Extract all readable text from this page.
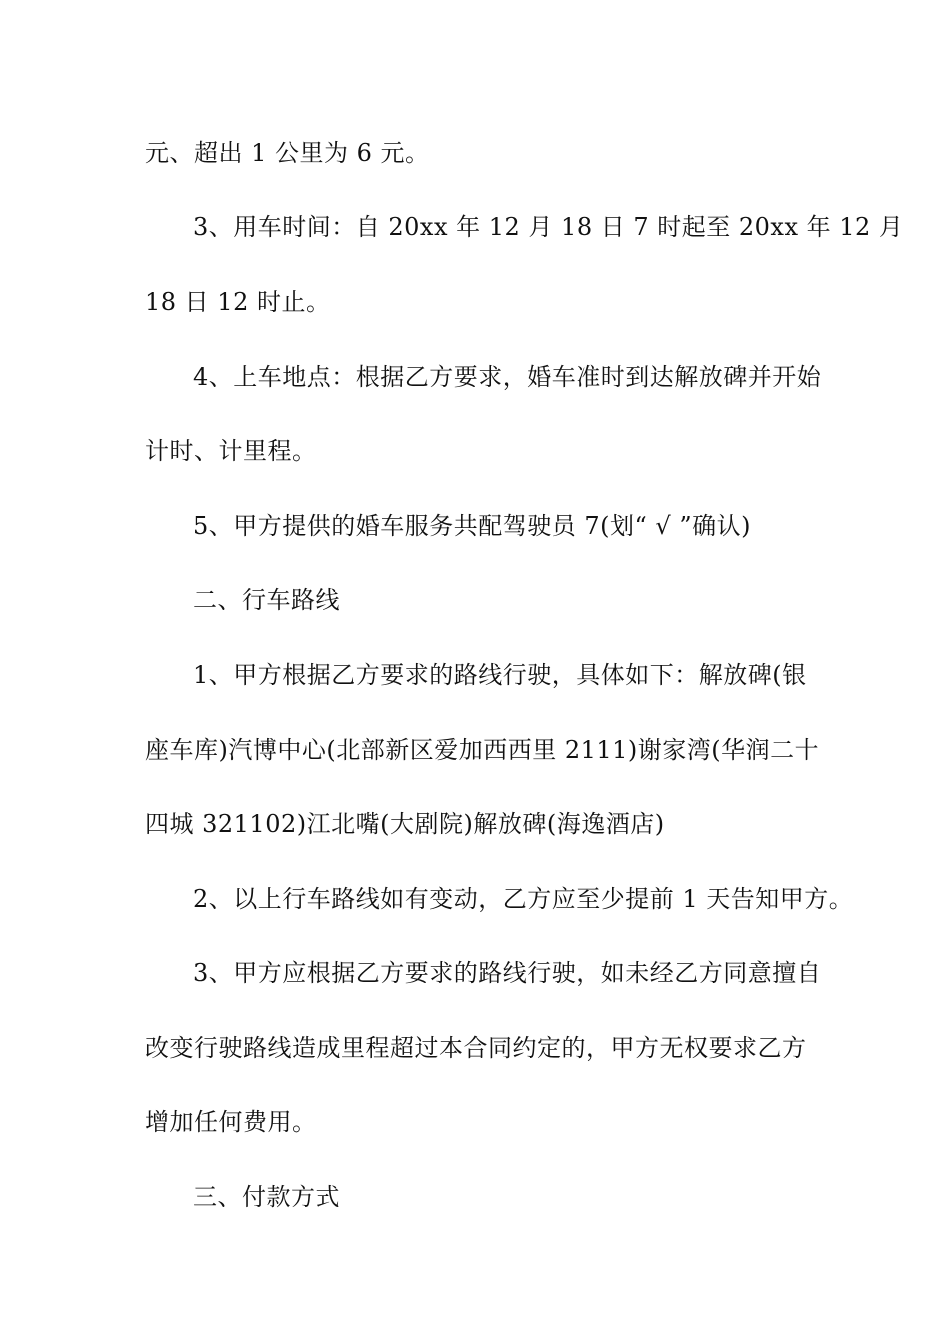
元、超出 1 公里为 6 元。
3、用车时间：自 20xx 年 12 月 18 日 7 时起至 20xx 年 12 月
18 日 12 时止。
4、上车地点：根据乙方要求，婚车准时到达解放碑并开始
计时、计里程。
5、甲方提供的婚车服务共配驾驶员 7(划“ √ ”确认)
二、行车路线
1、甲方根据乙方要求的路线行驶，具体如下：解放碑(银
座车库)汽博中心(北部新区爱加西西里 2111)谢家湾(华润二十
四城 321102)江北嘴(大剧院)解放碑(海逸酒店)
2、以上行车路线如有变动，乙方应至少提前 1 天告知甲方。
3、甲方应根据乙方要求的路线行驶，如未经乙方同意擅自
改变行驶路线造成里程超过本合同约定的，甲方无权要求乙方
增加任何费用。
三、付款方式
